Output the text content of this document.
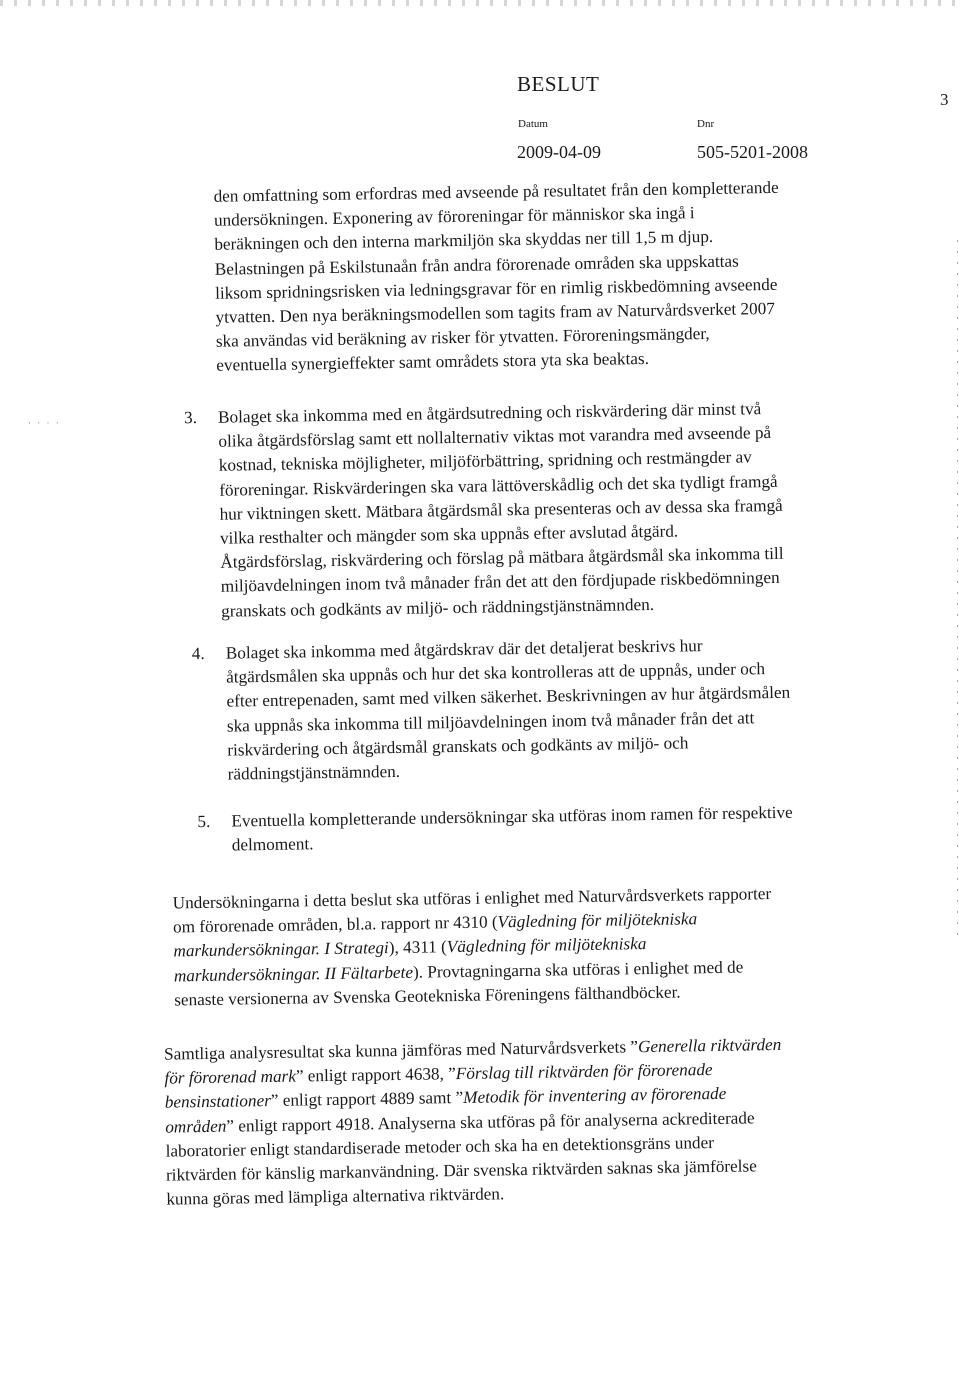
· · · ·
BESLUT
3
Datum	Dnr
2009-04-09	505-5201-2008

den omfattning som erfordras med avseende på resultatet från den kompletterande
undersökningen. Exponering av föroreningar för människor ska ingå i
beräkningen och den interna markmiljön ska skyddas ner till 1,5 m djup.
Belastningen på Eskilstunaån från andra förorenade områden ska uppskattas
liksom spridningsrisken via ledningsgravar för en rimlig riskbedömning avseende
ytvatten. Den nya beräkningsmodellen som tagits fram av Naturvårdsverket 2007
ska användas vid beräkning av risker för ytvatten. Föroreningsmängder,
eventuella synergieffekter samt områdets stora yta ska beaktas.

3. Bolaget ska inkomma med en åtgärdsutredning och riskvärdering där minst två
olika åtgärdsförslag samt ett nollalternativ viktas mot varandra med avseende på
kostnad, tekniska möjligheter, miljöförbättring, spridning och restmängder av
föroreningar. Riskvärderingen ska vara lättöverskådlig och det ska tydligt framgå
hur viktningen skett. Mätbara åtgärdsmål ska presenteras och av dessa ska framgå
vilka resthalter och mängder som ska uppnås efter avslutad åtgärd.
Åtgärdsförslag, riskvärdering och förslag på mätbara åtgärdsmål ska inkomma till
miljöavdelningen inom två månader från det att den fördjupade riskbedömningen
granskats och godkänts av miljö- och räddningstjänstnämnden.

4. Bolaget ska inkomma med åtgärdskrav där det detaljerat beskrivs hur
åtgärdsmålen ska uppnås och hur det ska kontrolleras att de uppnås, under och
efter entrepenaden, samt med vilken säkerhet. Beskrivningen av hur åtgärdsmålen
ska uppnås ska inkomma till miljöavdelningen inom två månader från det att
riskvärdering och åtgärdsmål granskats och godkänts av miljö- och
räddningstjänstnämnden.

5. Eventuella kompletterande undersökningar ska utföras inom ramen för respektive
delmoment.

Undersökningarna i detta beslut ska utföras i enlighet med Naturvårdsverkets rapporter
om förorenade områden, bl.a. rapport nr 4310 (Vägledning för miljötekniska
markundersökningar. I Strategi), 4311 (Vägledning för miljötekniska
markundersökningar. II Fältarbete). Provtagningarna ska utföras i enlighet med de
senaste versionerna av Svenska Geotekniska Föreningens fälthandböcker.

Samtliga analysresultat ska kunna jämföras med Naturvårdsverkets ”Generella riktvärden
för förorenad mark” enligt rapport 4638, ”Förslag till riktvärden för förorenade
bensinstationer” enligt rapport 4889 samt ”Metodik för inventering av förorenade
områden” enligt rapport 4918. Analyserna ska utföras på för analyserna ackrediterade
laboratorier enligt standardiserade metoder och ska ha en detektionsgräns under
riktvärden för känslig markanvändning. Där svenska riktvärden saknas ska jämförelse
kunna göras med lämpliga alternativa riktvärden.
